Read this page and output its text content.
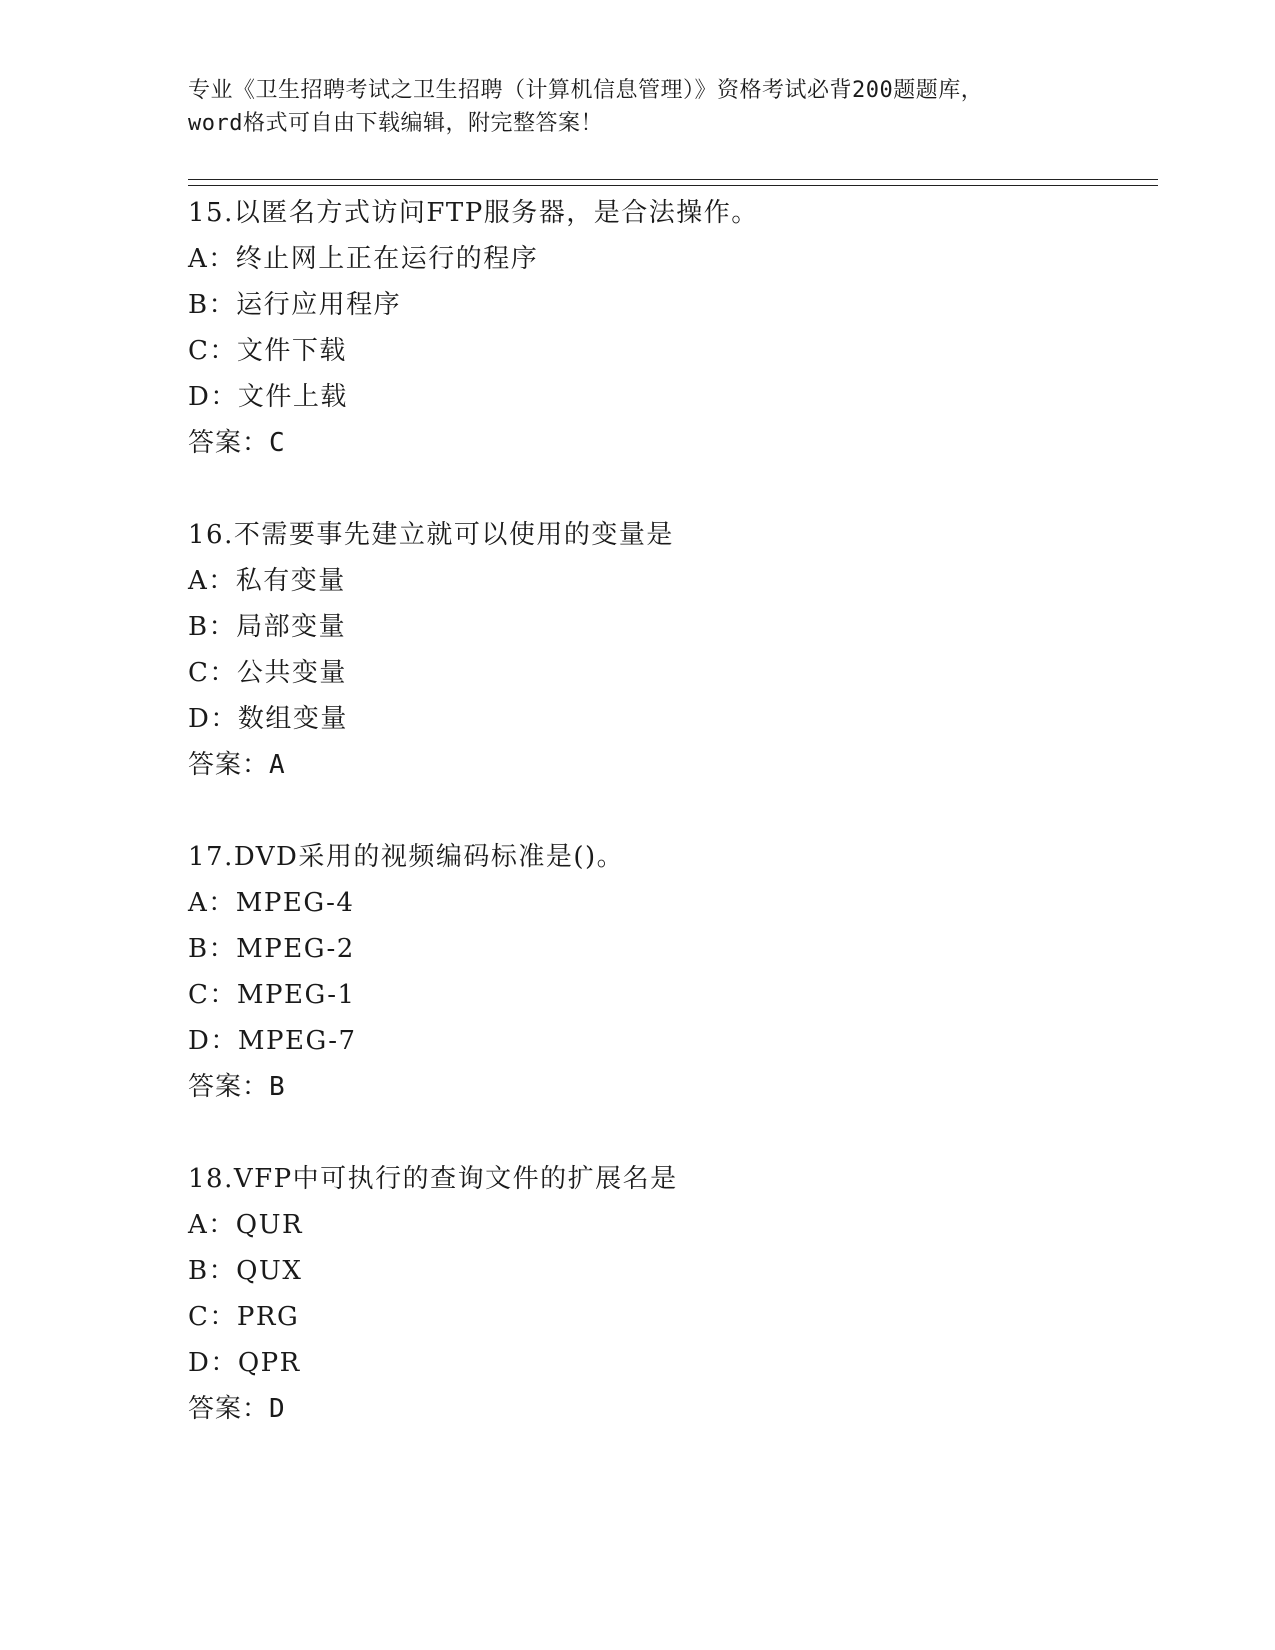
专业《卫生招聘考试之卫生招聘（计算机信息管理）》资格考试必背200题题库，
word格式可自由下载编辑，附完整答案！
15.以匿名方式访问FTP服务器，是合法操作。
A：终止网上正在运行的程序
B：运行应用程序
C：文件下载
D：文件上载
答案：C
16.不需要事先建立就可以使用的变量是
A：私有变量
B：局部变量
C：公共变量
D：数组变量
答案：A
17.DVD采用的视频编码标准是()。
A：MPEG-4
B：MPEG-2
C：MPEG-1
D：MPEG-7
答案：B
18.VFP中可执行的查询文件的扩展名是
A：QUR
B：QUX
C：PRG
D：QPR
答案：D
